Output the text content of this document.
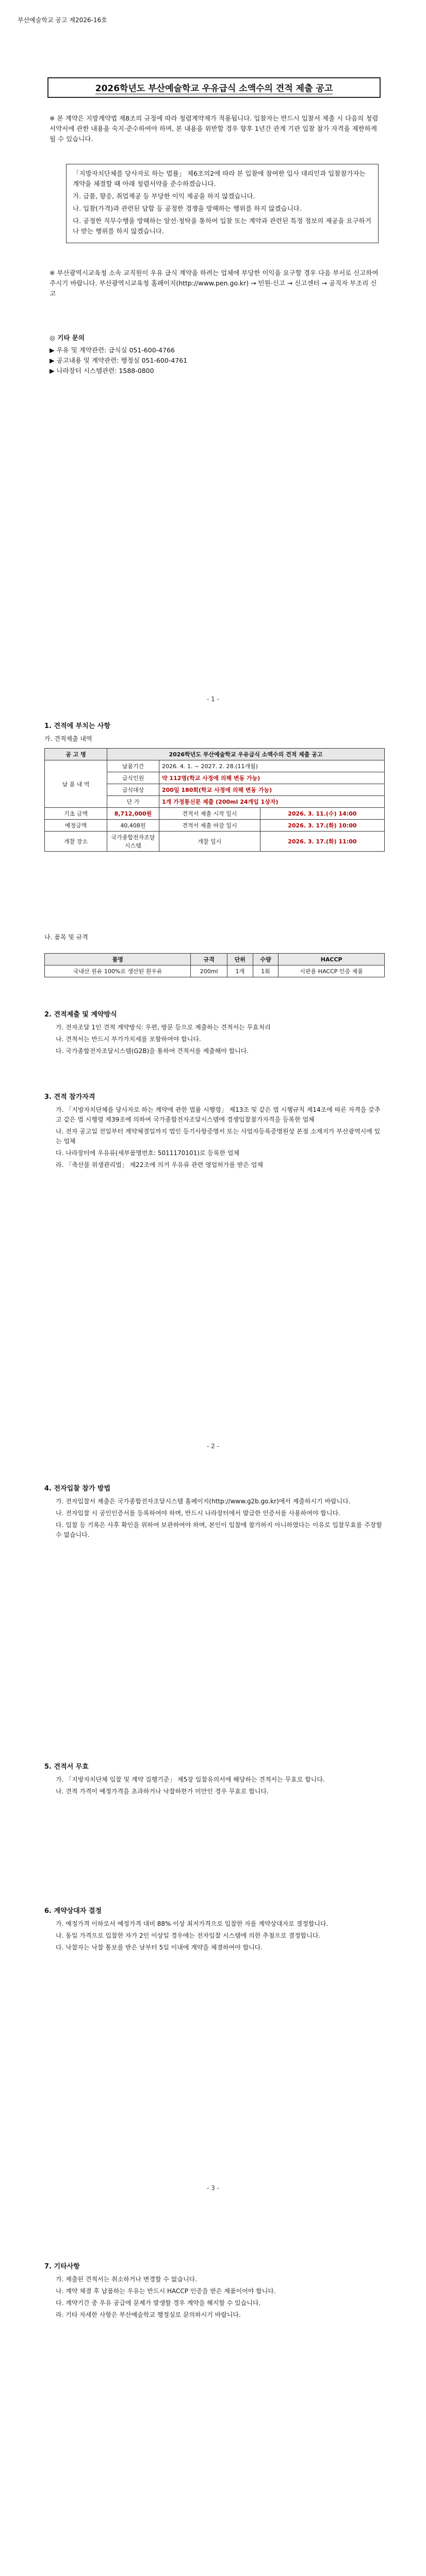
부산예술학교 공고 제2026-16호
2026학년도 부산예술학교 우유급식 소액수의 견적 제출 공고

※ 본 계약은 지방계약법 제8조의 규정에 따라 청렴계약제가 적용됩니다. 입찰자는 반드시 입찰서 제출 시 다음의 청렴서약서에 관한 내용을 숙지·준수하여야 하며, 본 내용을 위반할 경우 향후 1년간 관계 기관 입찰 참가 자격을 제한하게 될 수 있습니다.

「지방자치단체를 당사자로 하는 법률」 제6조의2에 따라 본 입찰에 참여한 입사 대리인과 입찰참가자는 계약을 체결할 때 아래 청렴서약을 준수하겠습니다.

가. 금품, 향응, 취업제공 등 부당한 이익 제공을 하지 않겠습니다.

나. 입찰(가격)과 관련된 담합 등 공정한 경쟁을 방해하는 행위를 하지 않겠습니다.

다. 공정한 직무수행을 방해하는 알선·청탁을 통하여 입찰 또는 계약과 관련된 특정 정보의 제공을 요구하거나 받는 행위를 하지 않겠습니다.

※ 부산광역시교육청 소속 교직원이 우유 급식 계약을 하려는 업체에 부당한 이익을 요구할 경우 다음 부서로 신고하여 주시기 바랍니다. 부산광역시교육청 홈페이지(http://www.pen.go.kr) → 민원·신고 → 신고센터 → 공직자 부조리 신고

◎ 기타 문의
▶ 우유 및 계약관련: 급식실 051-600-4766
▶ 공고내용 및 계약관련: 행정실 051-600-4761
▶ 나라장터 시스템관련: 1588-0800
- 1 -
1. 견적에 부치는 사항

가. 견적제출 내역

공 고 명	2026학년도 부산예술학교 우유급식 소액수의 견적 제출 공고		
납 품 내 역	납품기간	2026. 4. 1. ~ 2027. 2. 28.(11개월)	
	급식인원	약 112명(학교 사정에 의해 변동 가능)	
	급식대상	200일 180회(학교 사정에 의해 변동 가능)	
	단 가	1개 가정통신문 제출 (200ml 24개입 1상자)	
기초 금액	8,712,000원	견적서 제출 시작 일시	2026. 3. 11.(수) 14:00
예정금액	40,408원	견적서 제출 마감 일시	2026. 3. 17.(화) 10:00
개찰 장소	국가종합전자조달시스템	개찰 일시	2026. 3. 17.(화) 11:00

나. 품목 및 규격

품명	규격	단위	수량	HACCP
국내산 원유 100%로 생산된 흰우유	200ml	1개	1회	시판용 HACCP 인증 제품
2. 견적제출 및 계약방식

가. 전자조달 1인 견적 계약방식: 우편, 방문 등으로 제출하는 견적서는 무효처리

나. 견적서는 반드시 부가가치세를 포함하여야 합니다.

다. 국가종합전자조달시스템(G2B)을 통하여 견적서를 제출해야 합니다.

3. 견적 참가자격

가. 「지방자치단체를 당사자로 하는 계약에 관한 법률 시행령」 제13조 및 같은 법 시행규칙 제14조에 따른 자격을 갖추고 같은 법 시행령 제39조에 의하여 국가종합전자조달시스템에 경쟁입찰참가자격을 등록한 업체

나. 전자 공고일 전일부터 계약체결일까지 법인 등기사항증명서 또는 사업자등록증명원상 본점 소재지가 부산광역시에 있는 업체

다. 나라장터에 우유류(세부품명번호: 5011170101)로 등록한 업체

라. 「축산물 위생관리법」 제22조에 의거 우유류 관련 영업허가를 받은 업체

- 2 -
4. 전자입찰 참가 방법

가. 전자입찰서 제출은 국가종합전자조달시스템 홈페이지(http://www.g2b.go.kr)에서 제출하시기 바랍니다.

나. 전자입찰 시 공인인증서를 등록하여야 하며, 반드시 나라장터에서 발급한 인증서를 사용하여야 합니다.

다. 입찰 등 기록은 사후 확인을 위하여 보관하여야 하며, 본인이 입찰에 참가하지 아니하였다는 이유로 입찰무효를 주장할 수 없습니다.

5. 견적서 무효

가. 「지방자치단체 입찰 및 계약 집행기준」 제5장 입찰유의서에 해당하는 견적서는 무효로 합니다.

나. 견적 가격이 예정가격을 초과하거나 낙찰하한가 미만인 경우 무효로 합니다.

- 3 -
6. 계약상대자 결정

가. 예정가격 이하로서 예정가격 대비 88% 이상 최저가격으로 입찰한 자를 계약상대자로 결정합니다.

나. 동일 가격으로 입찰한 자가 2인 이상일 경우에는 전자입찰 시스템에 의한 추첨으로 결정합니다.

다. 낙찰자는 낙찰 통보를 받은 날부터 5일 이내에 계약을 체결하여야 합니다.

7. 기타사항

가. 제출된 견적서는 취소하거나 변경할 수 없습니다.

나. 계약 체결 후 납품하는 우유는 반드시 HACCP 인증을 받은 제품이어야 합니다.

다. 계약기간 중 우유 공급에 문제가 발생할 경우 계약을 해지할 수 있습니다.

라. 기타 자세한 사항은 부산예술학교 행정실로 문의하시기 바랍니다.
